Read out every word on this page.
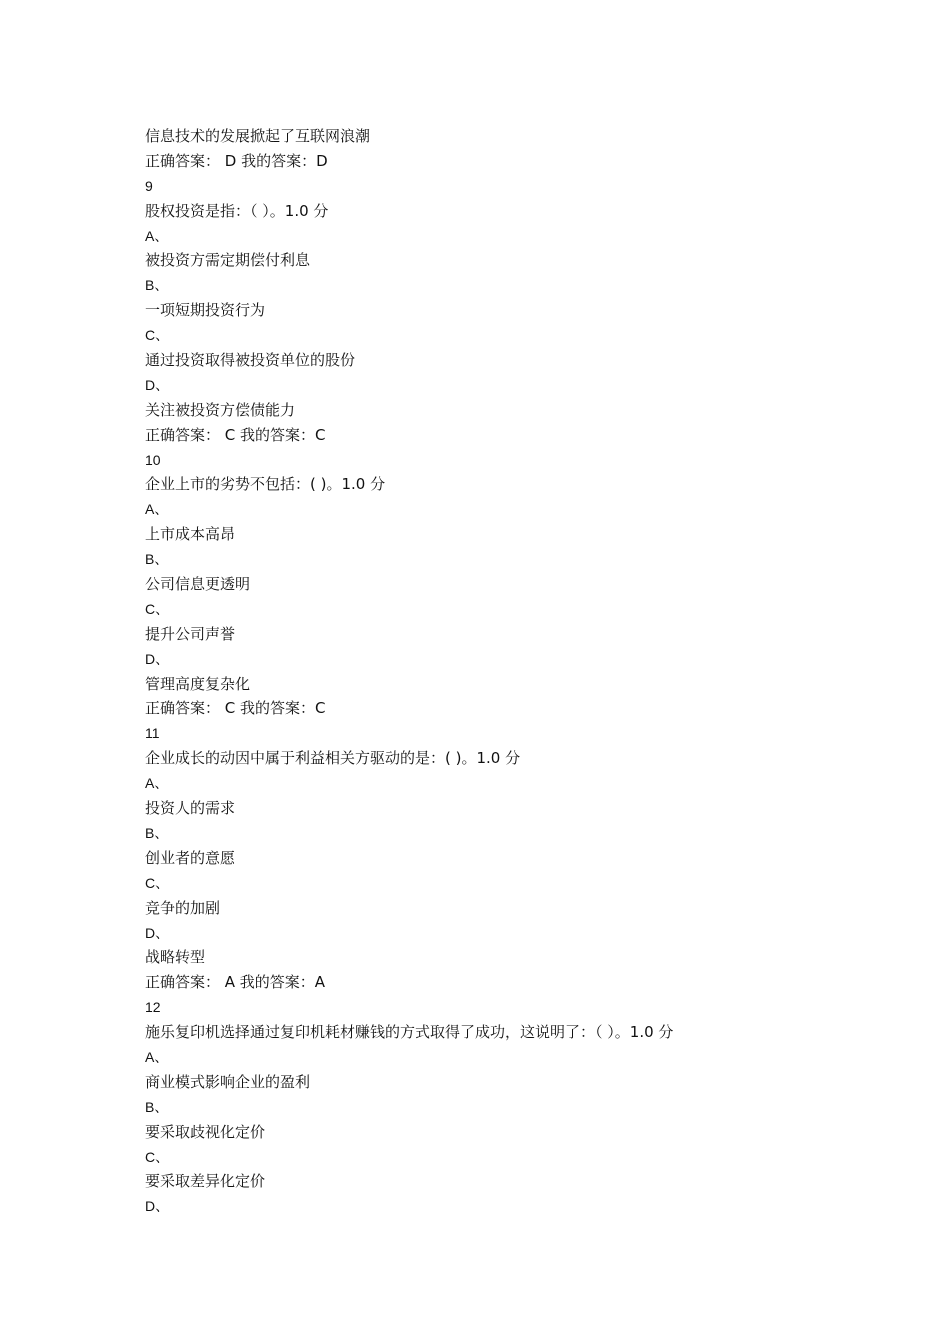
信息技术的发展掀起了互联网浪潮
正确答案： D 我的答案：D
9
股权投资是指：（ ）。1.0 分
A、
被投资方需定期偿付利息
B、
一项短期投资行为
C、
通过投资取得被投资单位的股份
D、
关注被投资方偿债能力
正确答案： C 我的答案：C
10
企业上市的劣势不包括：( )。1.0 分
A、
上市成本高昂
B、
公司信息更透明
C、
提升公司声誉
D、
管理高度复杂化
正确答案： C 我的答案：C
11
企业成长的动因中属于利益相关方驱动的是：( )。1.0 分
A、
投资人的需求
B、
创业者的意愿
C、
竞争的加剧
D、
战略转型
正确答案： A 我的答案：A
12
施乐复印机选择通过复印机耗材赚钱的方式取得了成功，这说明了：（ ）。1.0 分
A、
商业模式影响企业的盈利
B、
要采取歧视化定价
C、
要采取差异化定价
D、
